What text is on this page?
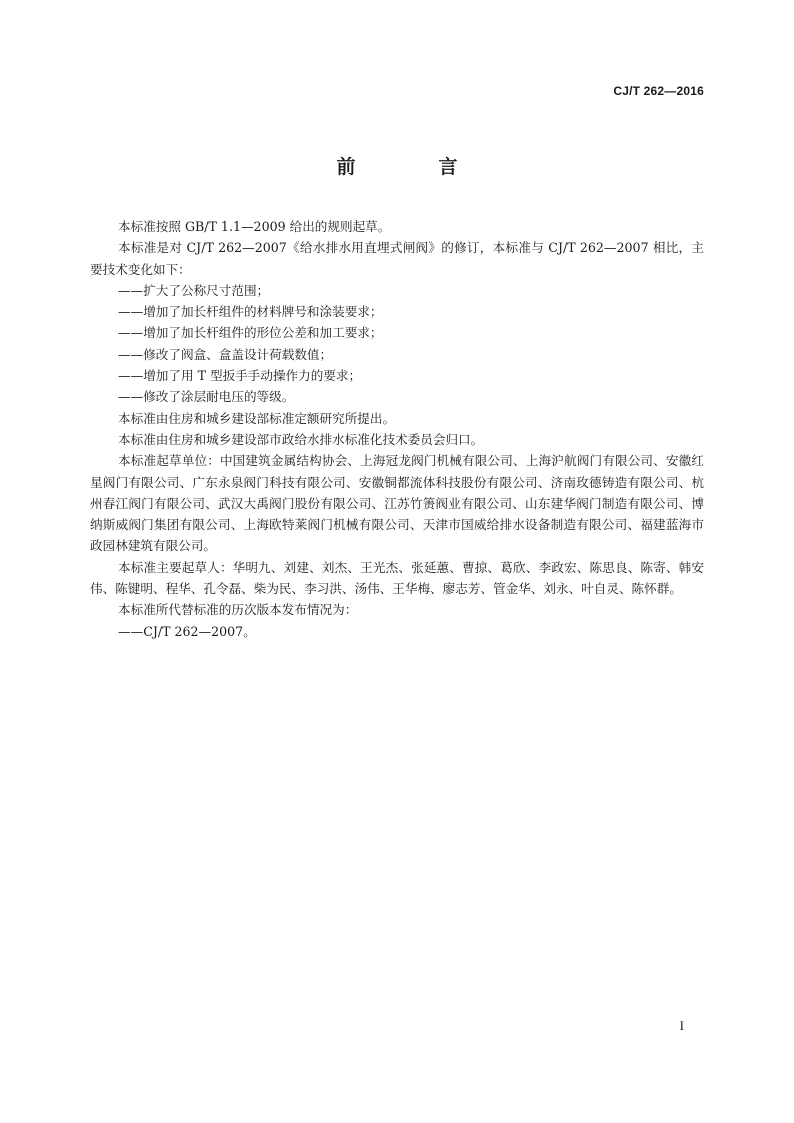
CJ/T 262—2016
前　言

本标准按照 GB/T 1.1—2009 给出的规则起草。

本标准是对 CJ/T 262—2007《给水排水用直埋式闸阀》的修订，本标准与 CJ/T 262—2007 相比，主要技术变化如下：

——扩大了公称尺寸范围；

——增加了加长杆组件的材料牌号和涂装要求；

——增加了加长杆组件的形位公差和加工要求；

——修改了阀盒、盒盖设计荷载数值；

——增加了用 T 型扳手手动操作力的要求；

——修改了涂层耐电压的等级。

本标准由住房和城乡建设部标准定额研究所提出。

本标准由住房和城乡建设部市政给水排水标准化技术委员会归口。

本标准起草单位：中国建筑金属结构协会、上海冠龙阀门机械有限公司、上海沪航阀门有限公司、安徽红星阀门有限公司、广东永泉阀门科技有限公司、安徽铜都流体科技股份有限公司、济南玫德铸造有限公司、杭州春江阀门有限公司、武汉大禹阀门股份有限公司、江苏竹箦阀业有限公司、山东建华阀门制造有限公司、博纳斯威阀门集团有限公司、上海欧特莱阀门机械有限公司、天津市国威给排水设备制造有限公司、福建蓝海市政园林建筑有限公司。

本标准主要起草人：华明九、刘建、刘杰、王光杰、张延蕙、曹掠、葛欣、李政宏、陈思良、陈寄、韩安伟、陈键明、程华、孔令磊、柴为民、李习洪、汤伟、王华梅、廖志芳、管金华、刘永、叶自灵、陈怀群。

本标准所代替标准的历次版本发布情况为：

——CJ/T 262—2007。

I
